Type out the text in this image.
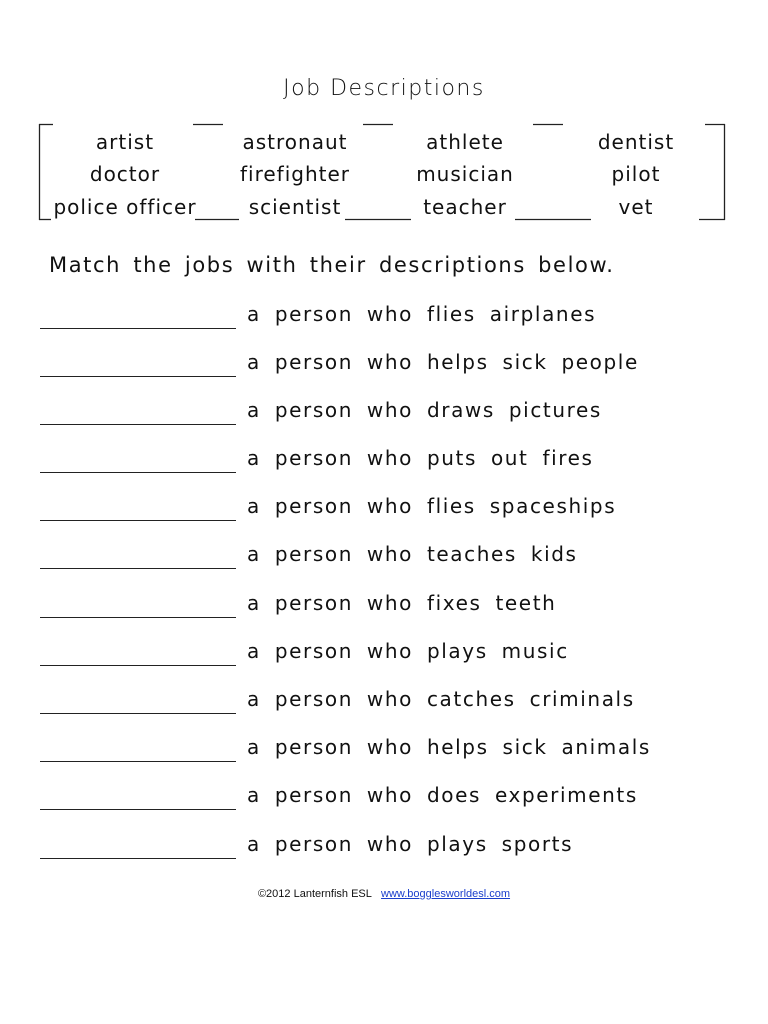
Job Descriptions
artist	astronaut	athlete	dentist
doctor	firefighter	musician	pilot
police officer	scientist	teacher	vet
Match the jobs with their descriptions below.
a person who flies airplanes
a person who helps sick people
a person who draws pictures
a person who puts out fires
a person who flies spaceships
a person who teaches kids
a person who fixes teeth
a person who plays music
a person who catches criminals
a person who helps sick animals
a person who does experiments
a person who plays sports
©2012 Lanternfish ESL www.bogglesworldesl.com
